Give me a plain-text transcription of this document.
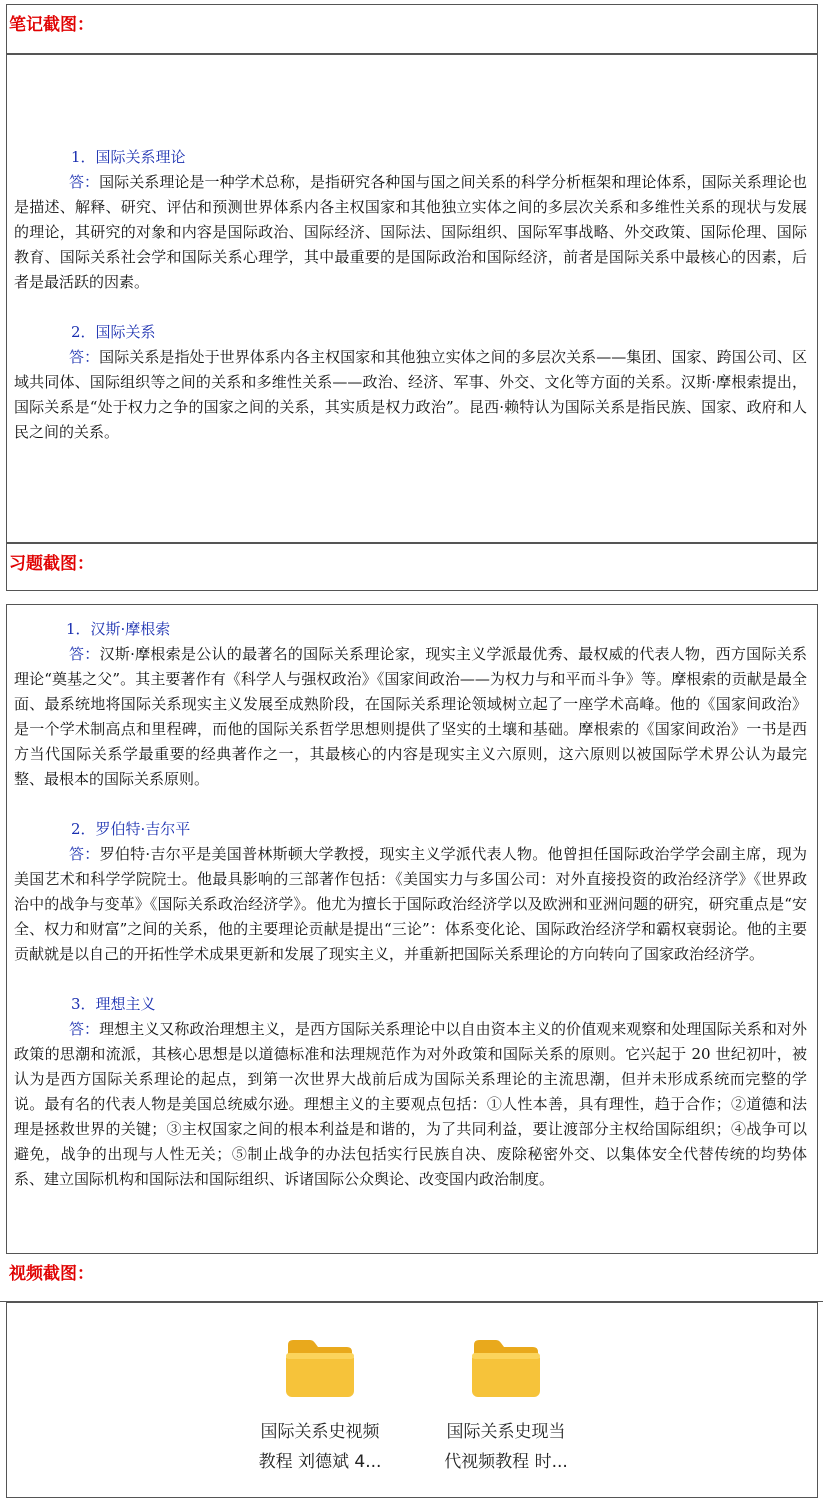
笔记截图：
1．国际关系理论

答：国际关系理论是一种学术总称，是指研究各种国与国之间关系的科学分析框架和理论体系，国际关系理论也是描述、解释、研究、评估和预测世界体系内各主权国家和其他独立实体之间的多层次关系和多维性关系的现状与发展的理论，其研究的对象和内容是国际政治、国际经济、国际法、国际组织、国际军事战略、外交政策、国际伦理、国际教育、国际关系社会学和国际关系心理学，其中最重要的是国际政治和国际经济，前者是国际关系中最核心的因素，后者是最活跃的因素。

2．国际关系

答：国际关系是指处于世界体系内各主权国家和其他独立实体之间的多层次关系——集团、国家、跨国公司、区域共同体、国际组织等之间的关系和多维性关系——政治、经济、军事、外交、文化等方面的关系。汉斯·摩根索提出，国际关系是“处于权力之争的国家之间的关系，其实质是权力政治”。昆西·赖特认为国际关系是指民族、国家、政府和人民之间的关系。

习题截图：
1．汉斯·摩根索

答：汉斯·摩根索是公认的最著名的国际关系理论家，现实主义学派最优秀、最权威的代表人物，西方国际关系理论“奠基之父”。其主要著作有《科学人与强权政治》《国家间政治——为权力与和平而斗争》等。摩根索的贡献是最全面、最系统地将国际关系现实主义发展至成熟阶段，在国际关系理论领域树立起了一座学术高峰。他的《国家间政治》是一个学术制高点和里程碑，而他的国际关系哲学思想则提供了坚实的土壤和基础。摩根索的《国家间政治》一书是西方当代国际关系学最重要的经典著作之一，其最核心的内容是现实主义六原则，这六原则以被国际学术界公认为最完整、最根本的国际关系原则。

2．罗伯特·吉尔平

答：罗伯特·吉尔平是美国普林斯顿大学教授，现实主义学派代表人物。他曾担任国际政治学学会副主席，现为美国艺术和科学学院院士。他最具影响的三部著作包括：《美国实力与多国公司：对外直接投资的政治经济学》《世界政治中的战争与变革》《国际关系政治经济学》。他尤为擅长于国际政治经济学以及欧洲和亚洲问题的研究，研究重点是“安全、权力和财富”之间的关系，他的主要理论贡献是提出“三论”：体系变化论、国际政治经济学和霸权衰弱论。他的主要贡献就是以自己的开拓性学术成果更新和发展了现实主义，并重新把国际关系理论的方向转向了国家政治经济学。

3．理想主义

答：理想主义又称政治理想主义，是西方国际关系理论中以自由资本主义的价值观来观察和处理国际关系和对外政策的思潮和流派，其核心思想是以道德标准和法理规范作为对外政策和国际关系的原则。它兴起于 20 世纪初叶，被认为是西方国际关系理论的起点，到第一次世界大战前后成为国际关系理论的主流思潮，但并未形成系统而完整的学说。最有名的代表人物是美国总统威尔逊。理想主义的主要观点包括：①人性本善，具有理性，趋于合作；②道德和法理是拯救世界的关键；③主权国家之间的根本利益是和谐的，为了共同利益，要让渡部分主权给国际组织；④战争可以避免，战争的出现与人性无关；⑤制止战争的办法包括实行民族自决、废除秘密外交、以集体安全代替传统的均势体系、建立国际机构和国际法和国际组织、诉诸国际公众舆论、改变国内政治制度。

视频截图：
国际关系史视频
教程 刘德斌 4...
国际关系史现当
代视频教程 时...
